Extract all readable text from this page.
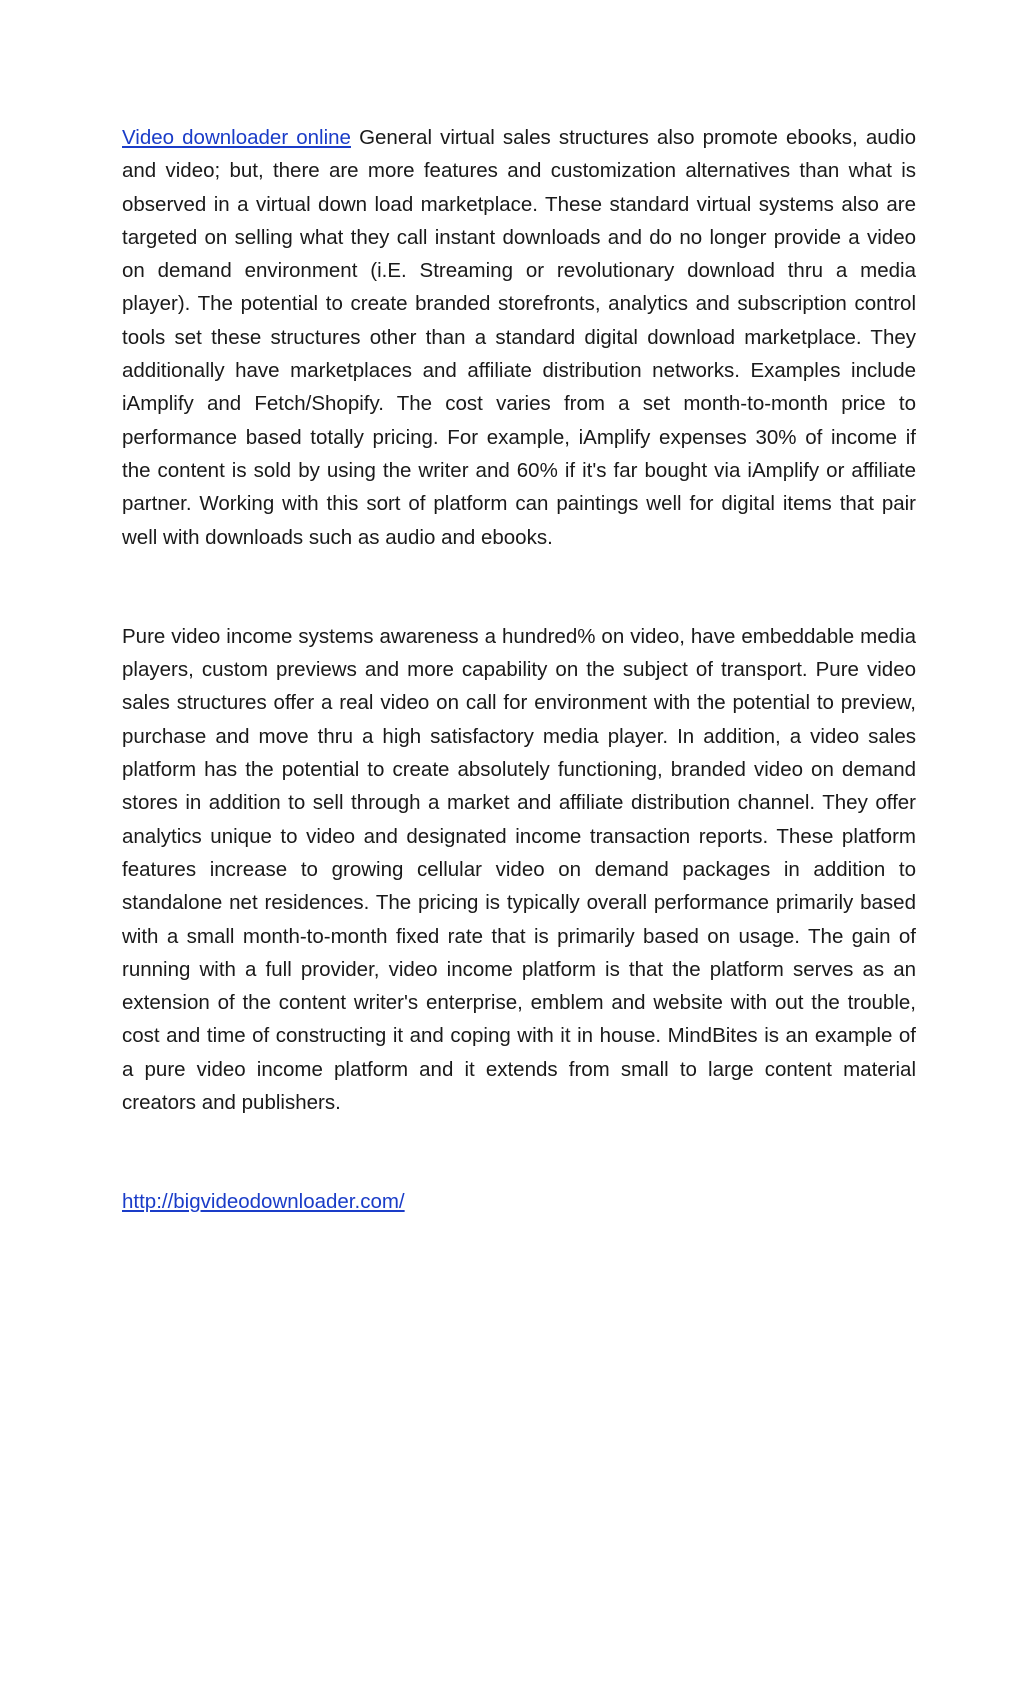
Video downloader online General virtual sales structures also promote ebooks, audio and video; but, there are more features and customization alternatives than what is observed in a virtual down load marketplace. These standard virtual systems also are targeted on selling what they call instant downloads and do no longer provide a video on demand environment (i.E. Streaming or revolutionary download thru a media player). The potential to create branded storefronts, analytics and subscription control tools set these structures other than a standard digital download marketplace. They additionally have marketplaces and affiliate distribution networks. Examples include iAmplify and Fetch/Shopify. The cost varies from a set month-to-month price to performance based totally pricing. For example, iAmplify expenses 30% of income if the content is sold by using the writer and 60% if it's far bought via iAmplify or affiliate partner. Working with this sort of platform can paintings well for digital items that pair well with downloads such as audio and ebooks.

Pure video income systems awareness a hundred% on video, have embeddable media players, custom previews and more capability on the subject of transport. Pure video sales structures offer a real video on call for environment with the potential to preview, purchase and move thru a high satisfactory media player. In addition, a video sales platform has the potential to create absolutely functioning, branded video on demand stores in addition to sell through a market and affiliate distribution channel. They offer analytics unique to video and designated income transaction reports. These platform features increase to growing cellular video on demand packages in addition to standalone net residences. The pricing is typically overall performance primarily based with a small month-to-month fixed rate that is primarily based on usage. The gain of running with a full provider, video income platform is that the platform serves as an extension of the content writer's enterprise, emblem and website with out the trouble, cost and time of constructing it and coping with it in house. MindBites is an example of a pure video income platform and it extends from small to large content material creators and publishers.

http://bigvideodownloader.com/
